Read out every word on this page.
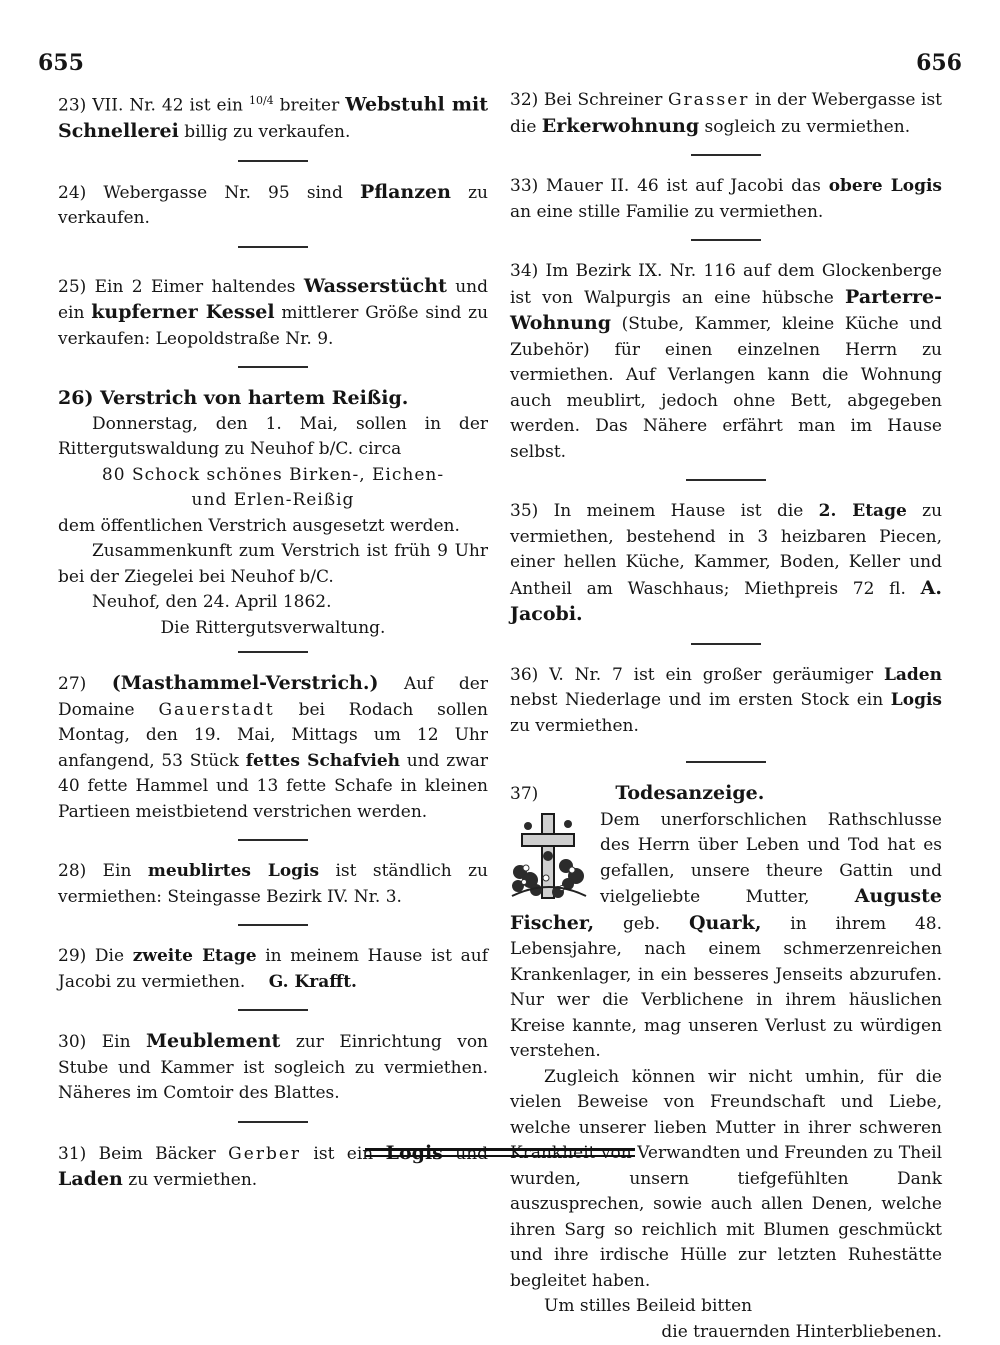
655	656

23) VII. Nr. 42 ist ein $^{10/4}$ breiter Webstuhl mit Schnellerei billig zu verkaufen.

24) Webergasse Nr. 95 sind Pflanzen zu verkaufen.

25) Ein 2 Eimer haltendes Wasserstücht und ein kupferner Kessel mittlerer Größe sind zu verkaufen: Leopoldstraße Nr. 9.

26) Verstrich von hartem Reißig.

Donnerstag, den 1. Mai, sollen in der Rittergutswaldung zu Neuhof b/C. circa

80 Schock schönes Birken-, Eichen-

und Erlen-Reißig

dem öffentlichen Verstrich ausgesetzt werden.

Zusammenkunft zum Verstrich ist früh 9 Uhr bei der Ziegelei bei Neuhof b/C.

Neuhof, den 24. April 1862.

Die Rittergutsverwaltung.

27) (Masthammel-Verstrich.) Auf der Domaine Gauerstadt bei Rodach sollen Montag, den 19. Mai, Mittags um 12 Uhr anfangend, 53 Stück fettes Schafvieh und zwar 40 fette Hammel und 13 fette Schafe in kleinen Partieen meistbietend verstrichen werden.

28) Ein meublirtes Logis ist ständlich zu vermiethen: Steingasse Bezirk IV. Nr. 3.

29) Die zweite Etage in meinem Hause ist auf Jacobi zu vermiethen. G. Krafft.

30) Ein Meublement zur Einrichtung von Stube und Kammer ist sogleich zu vermiethen. Näheres im Comtoir des Blattes.

31) Beim Bäcker Gerber ist ein Logis und Laden zu vermiethen.

32) Bei Schreiner Grasser in der Webergasse ist die Erkerwohnung sogleich zu vermiethen.

33) Mauer II. 46 ist auf Jacobi das obere Logis an eine stille Familie zu vermiethen.

34) Im Bezirk IX. Nr. 116 auf dem Glockenberge ist von Walpurgis an eine hübsche Parterre-Wohnung (Stube, Kammer, kleine Küche und Zubehör) für einen einzelnen Herrn zu vermiethen. Auf Verlangen kann die Wohnung auch meublirt, jedoch ohne Bett, abgegeben werden. Das Nähere erfährt man im Hause selbst.

35) In meinem Hause ist die 2. Etage zu vermiethen, bestehend in 3 heizbaren Piecen, einer hellen Küche, Kammer, Boden, Keller und Antheil am Waschhaus; Miethpreis 72 fl. A. Jacobi.

36) V. Nr. 7 ist ein großer geräumiger Laden nebst Niederlage und im ersten Stock ein Logis zu vermiethen.

37)	Todesanzeige.

Dem unerforschlichen Rathschlusse des Herrn über Leben und Tod hat es gefallen, unsere theure Gattin und vielgeliebte Mutter, Auguste Fischer, geb. Quark, in ihrem 48. Lebensjahre, nach einem schmerzenreichen Krankenlager, in ein besseres Jenseits abzurufen. Nur wer die Verblichene in ihrem häuslichen Kreise kannte, mag unseren Verlust zu würdigen verstehen.

Zugleich können wir nicht umhin, für die vielen Beweise von Freundschaft und Liebe, welche unserer lieben Mutter in ihrer schweren Krankheit von Verwandten und Freunden zu Theil wurden, unsern tiefgefühlten Dank auszusprechen, sowie auch allen Denen, welche ihren Sarg so reichlich mit Blumen geschmückt und ihre irdische Hülle zur letzten Ruhestätte begleitet haben.

Um stilles Beileid bitten

die trauernden Hinterbliebenen.
